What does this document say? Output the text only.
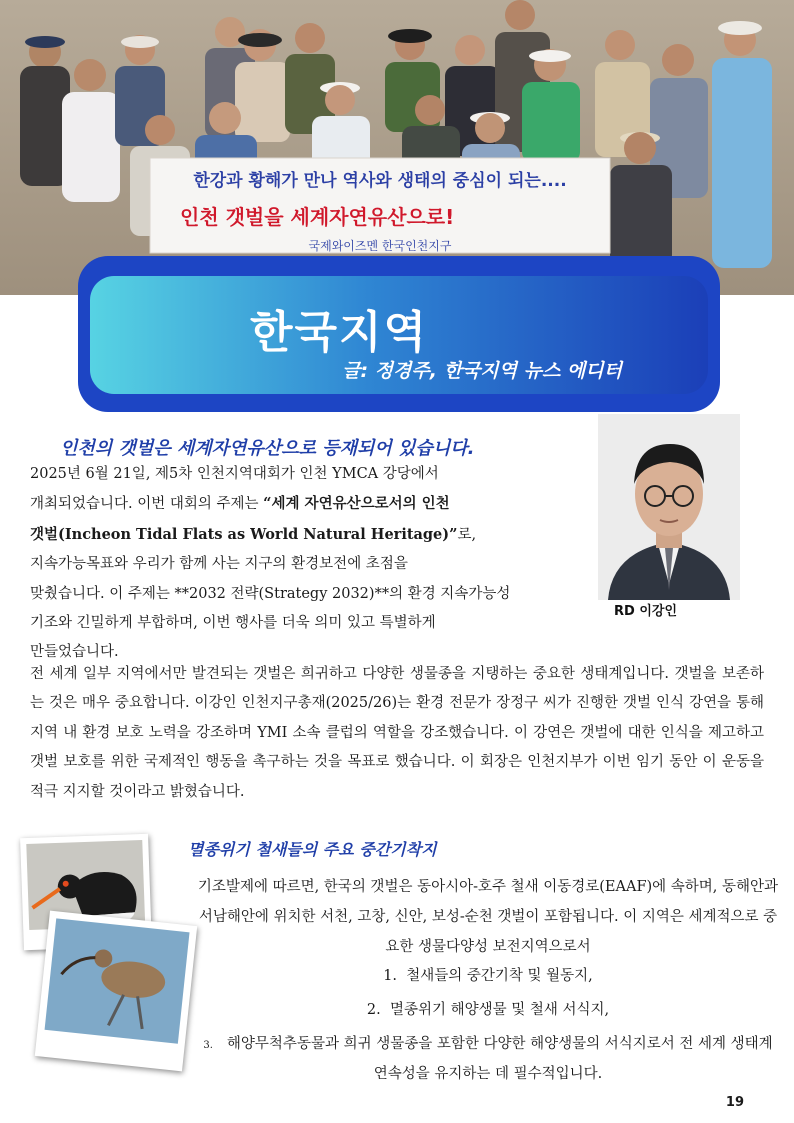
한강과 황해가 만나 역사와 생태의 중심이 되는....
인천 갯벌을 세계자연유산으로!
국제와이즈멘 한국인천지구
한국지역
글: 정경주, 한국지역 뉴스 에디터
RD 이강인
인천의 갯벌은 세계자연유산으로 등재되어 있습니다.
2025년 6월 21일, 제5차 인천지역대회가 인천 YMCA 강당에서
개최되었습니다. 이번 대회의 주제는 “세계 자연유산으로서의 인천
갯벌(Incheon Tidal Flats as World Natural Heritage)”로,
지속가능목표와 우리가 함께 사는 지구의 환경보전에 초점을
맞췄습니다. 이 주제는 **2032 전략(Strategy 2032)**의 환경 지속가능성
기조와 긴밀하게 부합하며, 이번 행사를 더욱 의미 있고 특별하게
만들었습니다.
전 세계 일부 지역에서만 발견되는 갯벌은 희귀하고 다양한 생물종을 지탱하는 중요한 생태계입니다. 갯벌을 보존하는 것은 매우 중요합니다. 이강인 인천지구총재(2025/26)는 환경 전문가 장정구 씨가 진행한 갯벌 인식 강연을 통해 지역 내 환경 보호 노력을 강조하며 YMI 소속 클럽의 역할을 강조했습니다. 이 강연은 갯벌에 대한 인식을 제고하고 갯벌 보호를 위한 국제적인 행동을 촉구하는 것을 목표로 했습니다. 이 회장은 인천지부가 이번 임기 동안 이 운동을 적극 지지할 것이라고 밝혔습니다.
멸종위기 철새들의 주요 중간기착지
기조발제에 따르면, 한국의 갯벌은 동아시아-호주 철새 이동경로(EAAF)에 속하며, 동해안과 서남해안에 위치한 서천, 고창, 신안, 보성-순천 갯벌이 포함됩니다. 이 지역은 세계적으로 중요한 생물다양성 보전지역으로서
1. 철새들의 중간기착 및 월동지,
2. 멸종위기 해양생물 및 철새 서식지,
3. 해양무척추동물과 희귀 생물종을 포함한 다양한 해양생물의 서식지로서 전 세계 생태계 연속성을 유지하는 데 필수적입니다.
19
